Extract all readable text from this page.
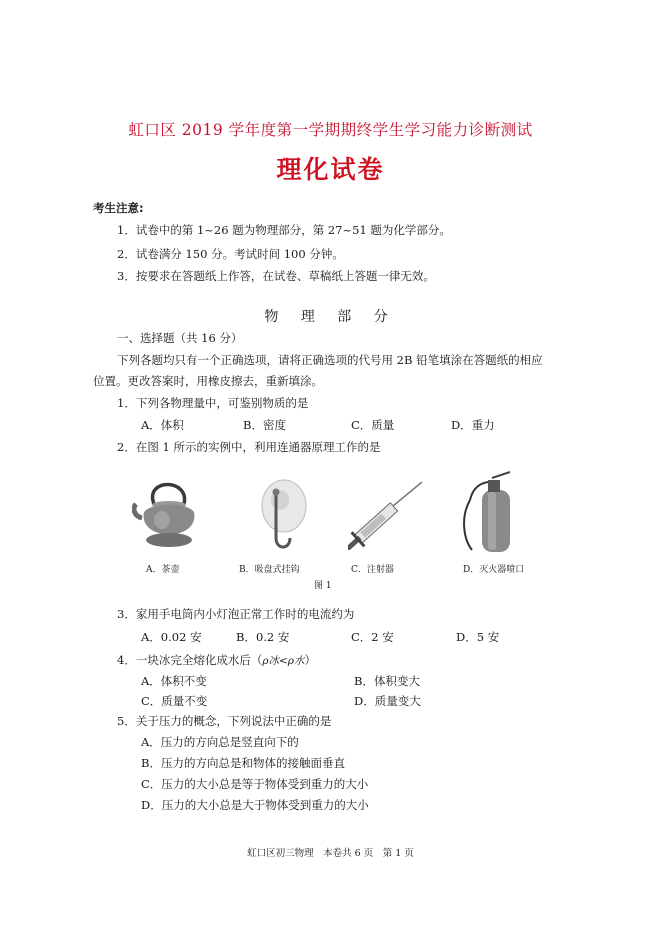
虹口区 2019 学年度第一学期期终学生学习能力诊断测试
理化试卷
考生注意:
1．试卷中的第 1~26 题为物理部分，第 27~51 题为化学部分。
2．试卷满分 150 分。考试时间 100 分钟。
3．按要求在答题纸上作答，在试卷、草稿纸上答题一律无效。
物 理 部 分
一、选择题（共 16 分）
下列各题均只有一个正确选项，请将正确选项的代号用 2B 铅笔填涂在答题纸的相应
位置。更改答案时，用橡皮擦去，重新填涂。
1．下列各物理量中，可鉴别物质的是
A．体积	B．密度	C．质量	D．重力
2．在图 1 所示的实例中，利用连通器原理工作的是
A．茶壶	B．吸盘式挂钩	C．注射器	D．灭火器喷口
图 1
3．家用手电筒内小灯泡正常工作时的电流约为
A．0.02 安	B．0.2 安	C．2 安	D．5 安
4．一块冰完全熔化成水后（ρ冰<ρ水）
A．体积不变	B．体积变大
C．质量不变	D．质量变大
5．关于压力的概念，下列说法中正确的是
A．压力的方向总是竖直向下的
B．压力的方向总是和物体的接触面垂直
C．压力的大小总是等于物体受到重力的大小
D．压力的大小总是大于物体受到重力的大小
虹口区初三物理　本卷共 6 页　第 1 页
